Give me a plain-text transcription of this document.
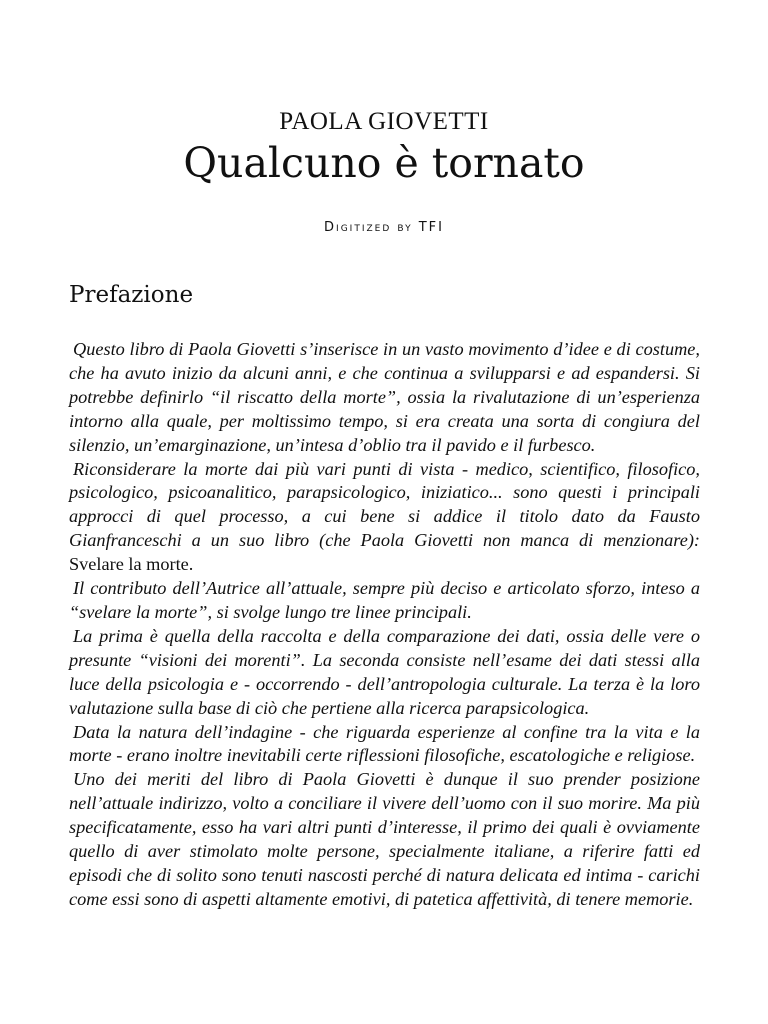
PAOLA GIOVETTI
Qualcuno è tornato
Digitized by TFI
Prefazione

Questo libro di Paola Giovetti s’inserisce in un vasto movimento d’idee e di costume, che ha avuto inizio da alcuni anni, e che continua a svilupparsi e ad espandersi. Si potrebbe definirlo “il riscatto della morte”, ossia la rivalutazione di un’esperienza intorno alla quale, per moltissimo tempo, si era creata una sorta di congiura del silenzio, un’emarginazione, un’intesa d’oblio tra il pavido e il furbesco.

Riconsiderare la morte dai più vari punti di vista - medico, scientifico, filosofico, psicologico, psicoanalitico, parapsicologico, iniziatico... sono questi i principali approcci di quel processo, a cui bene si addice il titolo dato da Fausto Gianfranceschi a un suo libro (che Paola Giovetti non manca di menzionare): Svelare la morte.

Il contributo dell’Autrice all’attuale, sempre più deciso e articolato sforzo, inteso a “svelare la morte”, si svolge lungo tre linee principali.

La prima è quella della raccolta e della comparazione dei dati, ossia delle vere o presunte “visioni dei morenti”. La seconda consiste nell’esame dei dati stessi alla luce della psicologia e - occorrendo - dell’antropologia culturale. La terza è la loro valutazione sulla base di ciò che pertiene alla ricerca parapsicologica.

Data la natura dell’indagine - che riguarda esperienze al confine tra la vita e la morte - erano inoltre inevitabili certe riflessioni filosofiche, escatologiche e religiose.

Uno dei meriti del libro di Paola Giovetti è dunque il suo prender posizione nell’attuale indirizzo, volto a conciliare il vivere dell’uomo con il suo morire. Ma più specificatamente, esso ha vari altri punti d’interesse, il primo dei quali è ovviamente quello di aver stimolato molte persone, specialmente italiane, a riferire fatti ed episodi che di solito sono tenuti nascosti perché di natura delicata ed intima - carichi come essi sono di aspetti altamente emotivi, di patetica affettività, di tenere memorie.
